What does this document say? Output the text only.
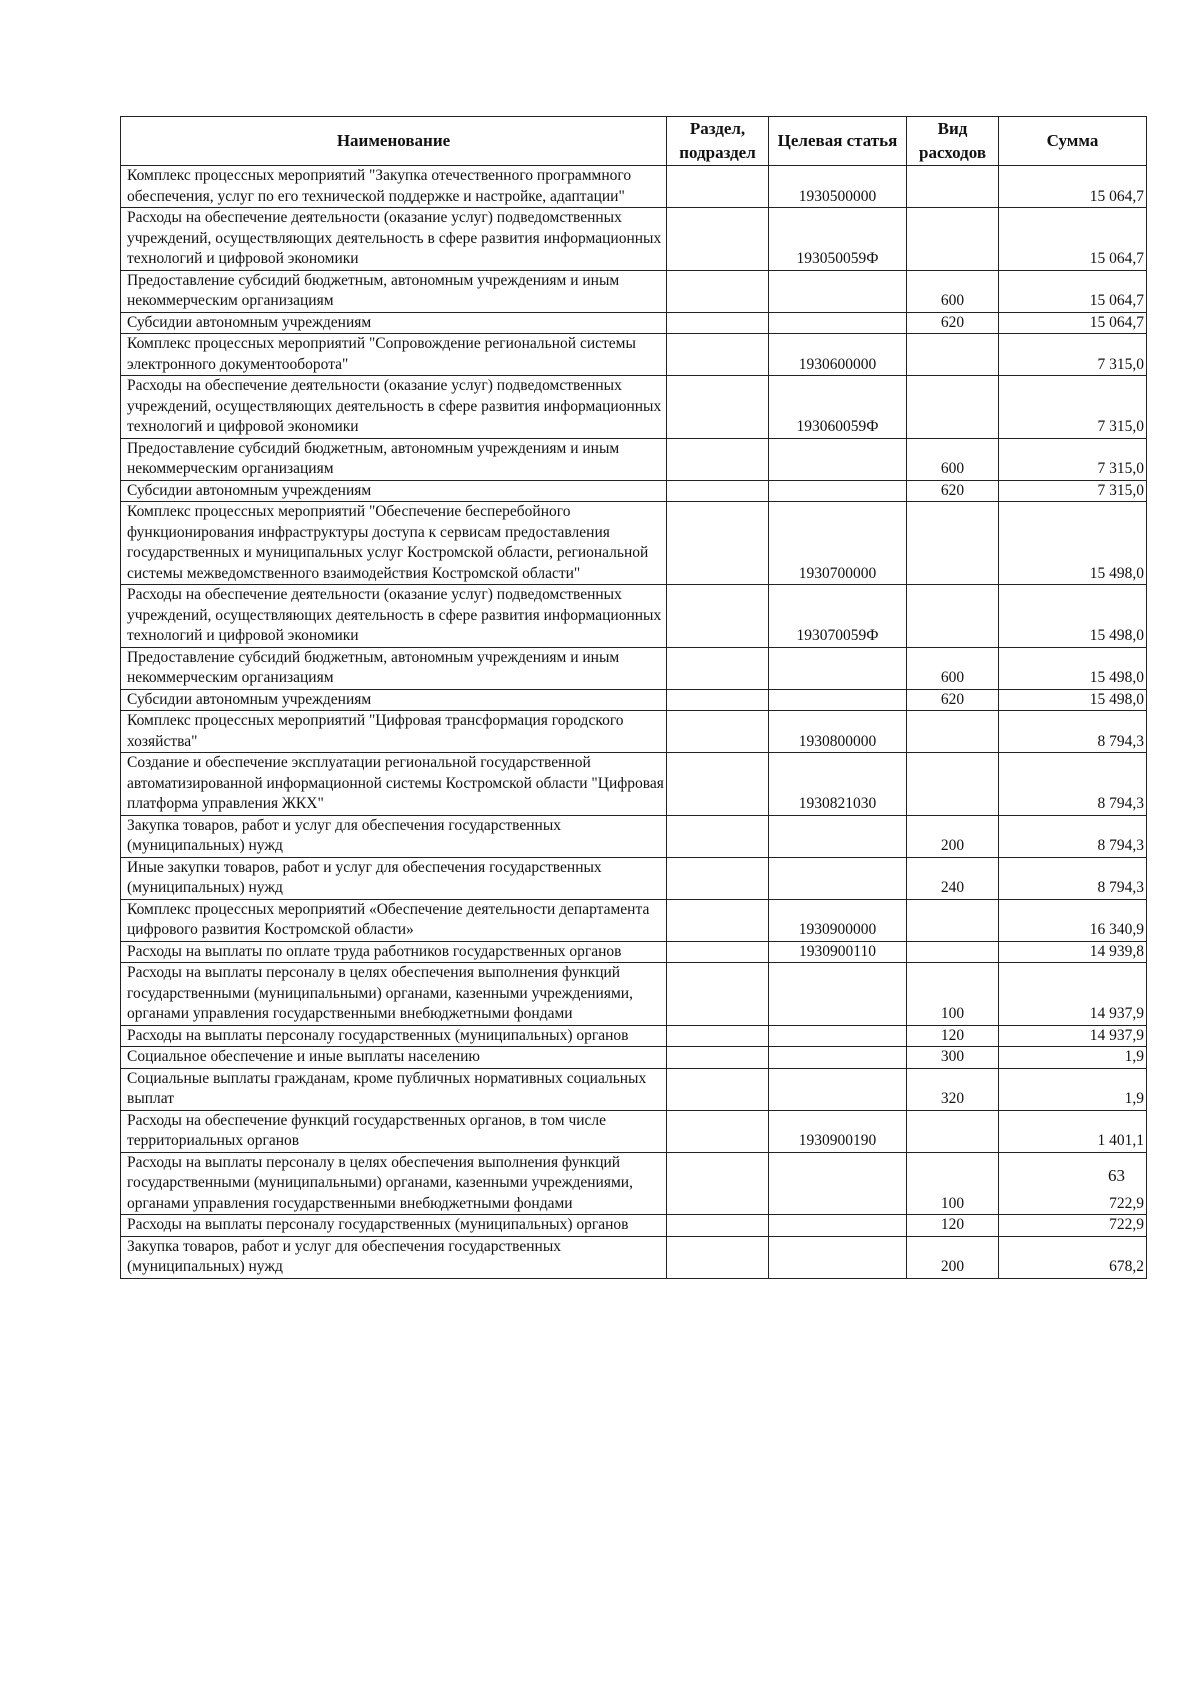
Наименование	Раздел, подраздел	Целевая статья	Вид расходов	Сумма
Комплекс процессных мероприятий "Закупка отечественного программного обеспечения, услуг по его технической поддержке и настройке, адаптации"		1930500000		15 064,7
Расходы на обеспечение деятельности (оказание услуг) подведомственных учреждений, осуществляющих деятельность в сфере развития информационных технологий и цифровой экономики		193050059Ф		15 064,7
Предоставление субсидий бюджетным, автономным учреждениям и иным некоммерческим организациям			600	15 064,7
Субсидии автономным учреждениям			620	15 064,7
Комплекс процессных мероприятий "Сопровождение региональной системы электронного документооборота"		1930600000		7 315,0
Расходы на обеспечение деятельности (оказание услуг) подведомственных учреждений, осуществляющих деятельность в сфере развития информационных технологий и цифровой экономики		193060059Ф		7 315,0
Предоставление субсидий бюджетным, автономным учреждениям и иным некоммерческим организациям			600	7 315,0
Субсидии автономным учреждениям			620	7 315,0
Комплекс процессных мероприятий "Обеспечение бесперебойного функционирования инфраструктуры доступа к сервисам предоставления государственных и муниципальных услуг Костромской области, региональной системы межведомственного взаимодействия Костромской области"		1930700000		15 498,0
Расходы на обеспечение деятельности (оказание услуг) подведомственных учреждений, осуществляющих деятельность в сфере развития информационных технологий и цифровой экономики		193070059Ф		15 498,0
Предоставление субсидий бюджетным, автономным учреждениям и иным некоммерческим организациям			600	15 498,0
Субсидии автономным учреждениям			620	15 498,0
Комплекс процессных мероприятий "Цифровая трансформация городского хозяйства"		1930800000		8 794,3
Создание и обеспечение эксплуатации региональной государственной автоматизированной информационной системы Костромской области "Цифровая платформа управления ЖКХ"		1930821030		8 794,3
Закупка товаров, работ и услуг для обеспечения государственных (муниципальных) нужд			200	8 794,3
Иные закупки товаров, работ и услуг для обеспечения государственных (муниципальных) нужд			240	8 794,3
Комплекс процессных мероприятий «Обеспечение деятельности департамента цифрового развития Костромской области»		1930900000		16 340,9
Расходы на выплаты по оплате труда работников государственных органов		1930900110		14 939,8
Расходы на выплаты персоналу в целях обеспечения выполнения функций государственными (муниципальными) органами, казенными учреждениями, органами управления государственными внебюджетными фондами			100	14 937,9
Расходы на выплаты персоналу государственных (муниципальных) органов			120	14 937,9
Социальное обеспечение и иные выплаты населению			300	1,9
Социальные выплаты гражданам, кроме публичных нормативных социальных выплат			320	1,9
Расходы на обеспечение функций государственных органов, в том числе территориальных органов		1930900190		1 401,1
Расходы на выплаты персоналу в целях обеспечения выполнения функций государственными (муниципальными) органами, казенными учреждениями, органами управления государственными внебюджетными фондами			100	722,9
Расходы на выплаты персоналу государственных (муниципальных) органов			120	722,9
Закупка товаров, работ и услуг для обеспечения государственных (муниципальных) нужд			200	678,2
63
